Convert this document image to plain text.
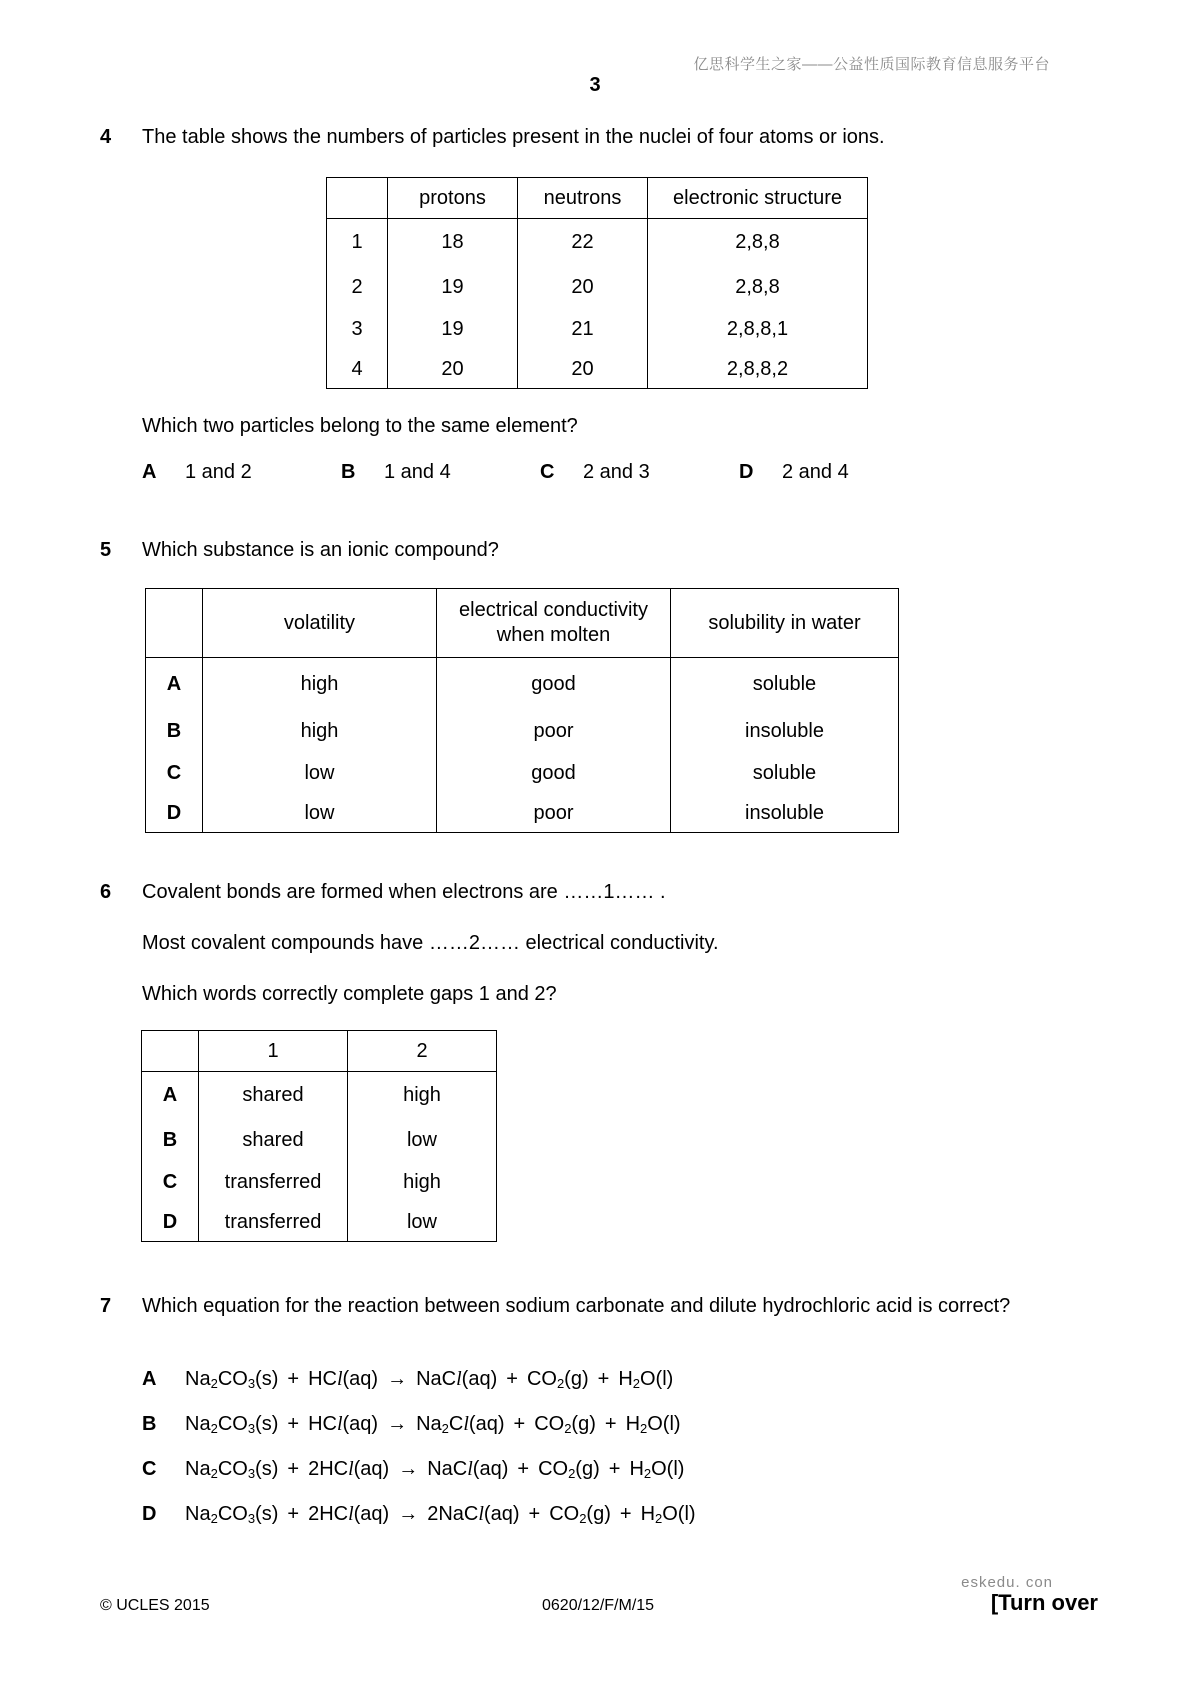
亿思科学生之家——公益性质国际教育信息服务平台
3
4 The table shows the numbers of particles present in the nuclei of four atoms or ions.
	protons	neutrons	electronic structure
1	18	22	2,8,8
2	19	20	2,8,8
3	19	21	2,8,8,1
4	20	20	2,8,8,2
Which two particles belong to the same element?
A 1 and 2	B 1 and 4	C 2 and 3	D 2 and 4
5 Which substance is an ionic compound?
	volatility	electrical conductivity when molten	solubility in water
A	high	good	soluble
B	high	poor	insoluble
C	low	good	soluble
D	low	poor	insoluble
6 Covalent bonds are formed when electrons are ……1…… .
Most covalent compounds have ……2…… electrical conductivity.
Which words correctly complete gaps 1 and 2?
	1	2
A	shared	high
B	shared	low
C	transferred	high
D	transferred	low
7 Which equation for the reaction between sodium carbonate and dilute hydrochloric acid is correct?
A $Na_2CO_3(s) + HCl(aq)$ → NaCl(aq) + $CO_2(g) + H_2O(l)$
B $Na_2CO_3(s) + HCl(aq) \to Na_2Cl(aq) + CO_2(g) + H_2O(l)$
C $Na_2CO_3(s) + 2HCl(aq)$ → NaCl(aq) + $CO_2(g) + H_2O(l)$
D $Na_2CO_3(s) + 2HCl(aq)$ → 2NaCl(aq) + $CO_2(g) + H_2O(l)$
eskedu. con
© UCLES 2015	0620/12/F/M/15	[Turn over
